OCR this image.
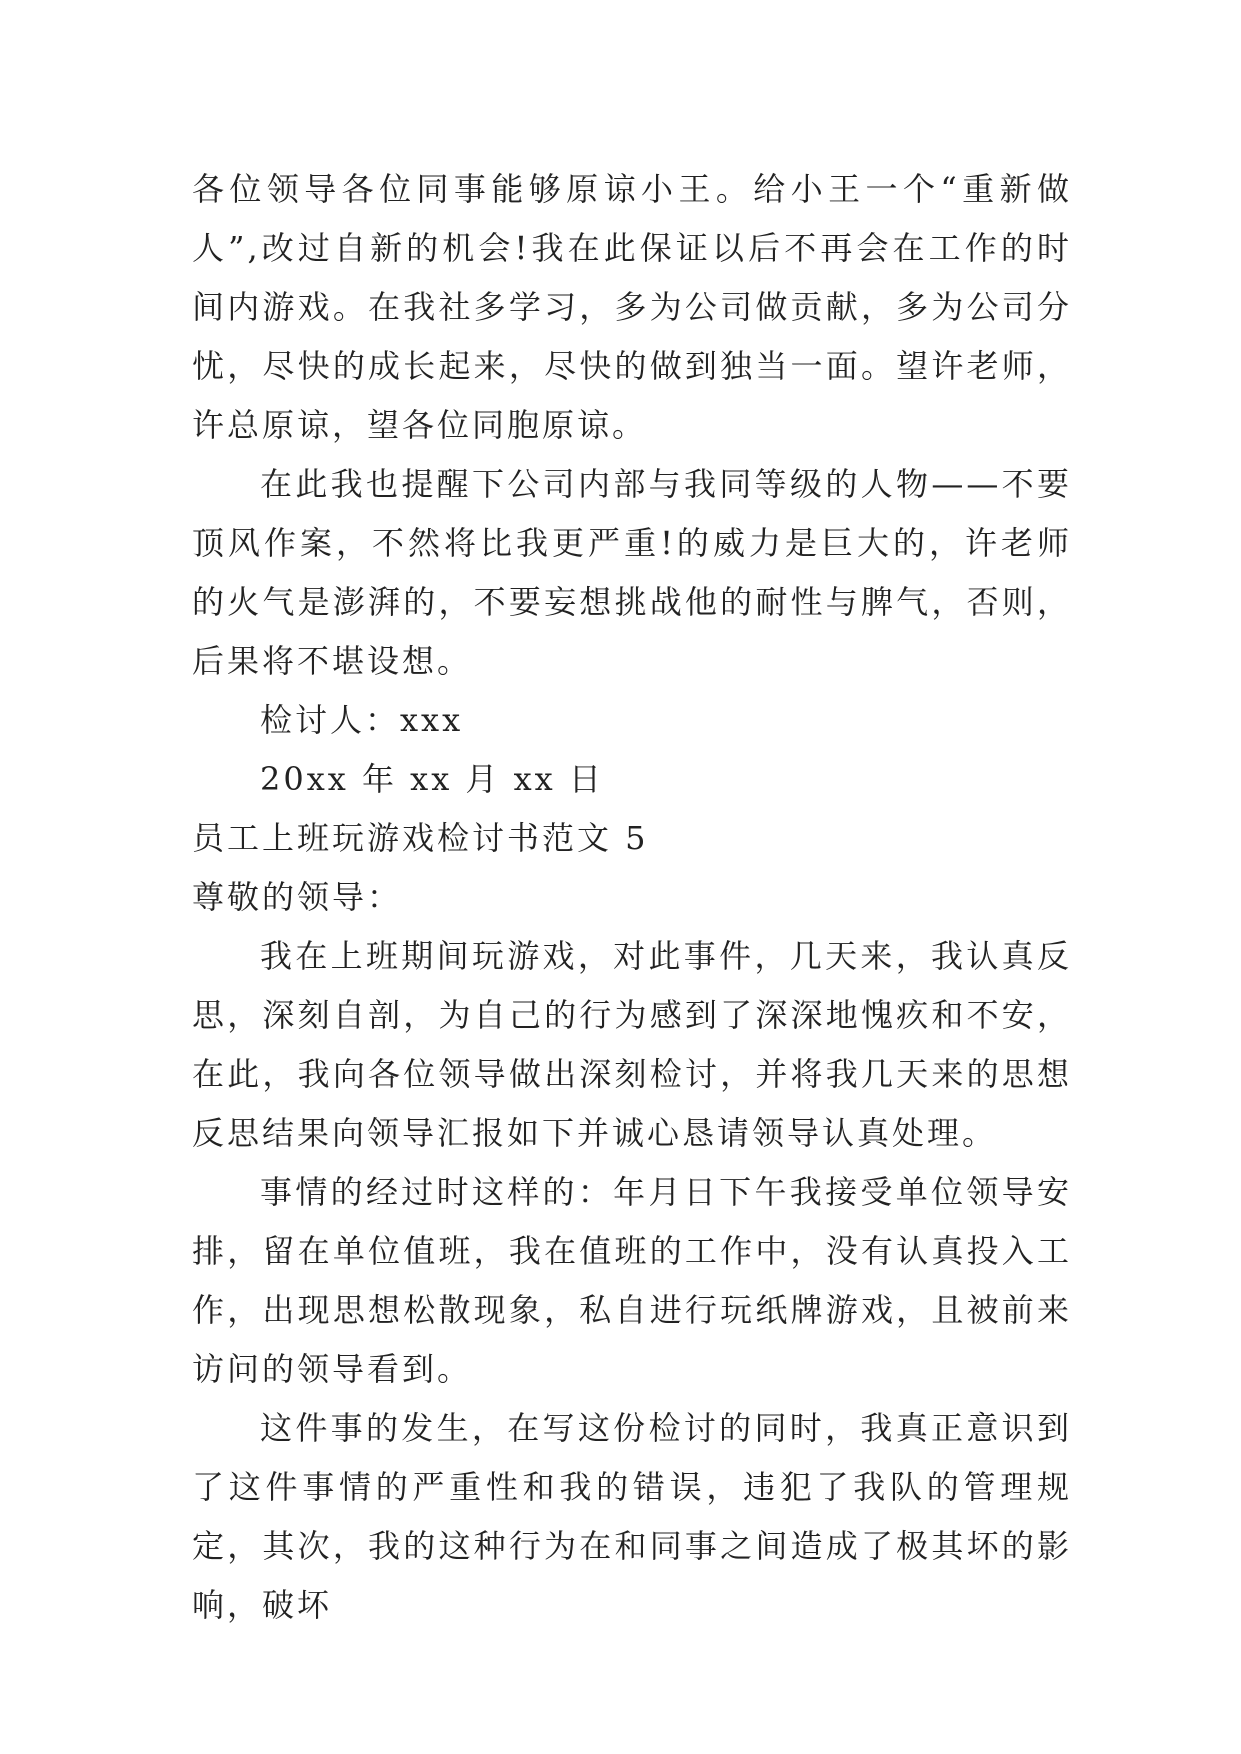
各位领导各位同事能够原谅小王。给小王一个“重新做人”,改过自新的机会!我在此保证以后不再会在工作的时间内游戏。在我社多学习，多为公司做贡献，多为公司分忧，尽快的成长起来，尽快的做到独当一面。望许老师，许总原谅，望各位同胞原谅。

在此我也提醒下公司内部与我同等级的人物——不要顶风作案，不然将比我更严重!的威力是巨大的，许老师的火气是澎湃的，不要妄想挑战他的耐性与脾气，否则，后果将不堪设想。

检讨人：xxx

20xx 年 xx 月 xx 日

员工上班玩游戏检讨书范文 5

尊敬的领导：

我在上班期间玩游戏，对此事件，几天来，我认真反思，深刻自剖，为自己的行为感到了深深地愧疚和不安，在此，我向各位领导做出深刻检讨，并将我几天来的思想反思结果向领导汇报如下并诚心恳请领导认真处理。

事情的经过时这样的：年月日下午我接受单位领导安排，留在单位值班，我在值班的工作中，没有认真投入工作，出现思想松散现象，私自进行玩纸牌游戏，且被前来访问的领导看到。

这件事的发生，在写这份检讨的同时，我真正意识到了这件事情的严重性和我的错误，违犯了我队的管理规定，其次，我的这种行为在和同事之间造成了极其坏的影响，破坏
